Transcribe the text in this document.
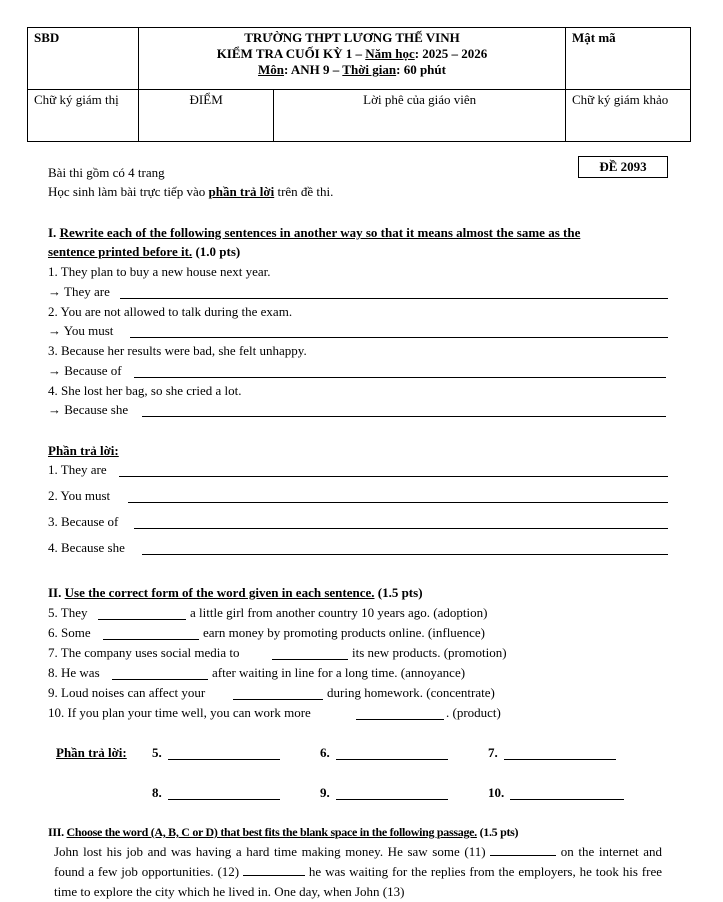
SBD	TRƯỜNG THPT LƯƠNG THẾ VINH
KIỂM TRA CUỐI KỲ 1 – Năm học: 2025 – 2026
Môn: ANH 9 – Thời gian: 60 phút		Mật mã
Chữ ký giám thị	ĐIỂM	Lời phê của giáo viên	Chữ ký giám khảo
ĐỀ 2093
Bài thi gồm có 4 trang
Học sinh làm bài trực tiếp vào phần trả lời trên đề thi.
I. Rewrite each of the following sentences in another way so that it means almost the same as the
sentence printed before it. (1.0 pts)
1. They plan to buy a new house next year.
→ They are
2. You are not allowed to talk during the exam.
→ You must
3. Because her results were bad, she felt unhappy.
→ Because of
4. She lost her bag, so she cried a lot.
→ Because she
Phần trả lời:
1. They are
2. You must
3. Because of
4. Because she
II. Use the correct form of the word given in each sentence. (1.5 pts)
5. They	a little girl from another country 10 years ago. (adoption)
6. Some	earn money by promoting products online. (influence)
7. The company uses social media to	its new products. (promotion)
8. He was	after waiting in line for a long time. (annoyance)
9. Loud noises can affect your	during homework. (concentrate)
10. If you plan your time well, you can work more	. (product)
Phần trả lời: 5.	6.	7.
8.	9.	10.
III. Choose the word (A, B, C or D) that best fits the blank space in the following passage. (1.5 pts)
John lost his job and was having a hard time making money. He saw some (11)	on the internet and found a few job opportunities. (12)	he was waiting for the replies from the employers, he took his free time to explore the city which he lived in. One day, when John (13)
